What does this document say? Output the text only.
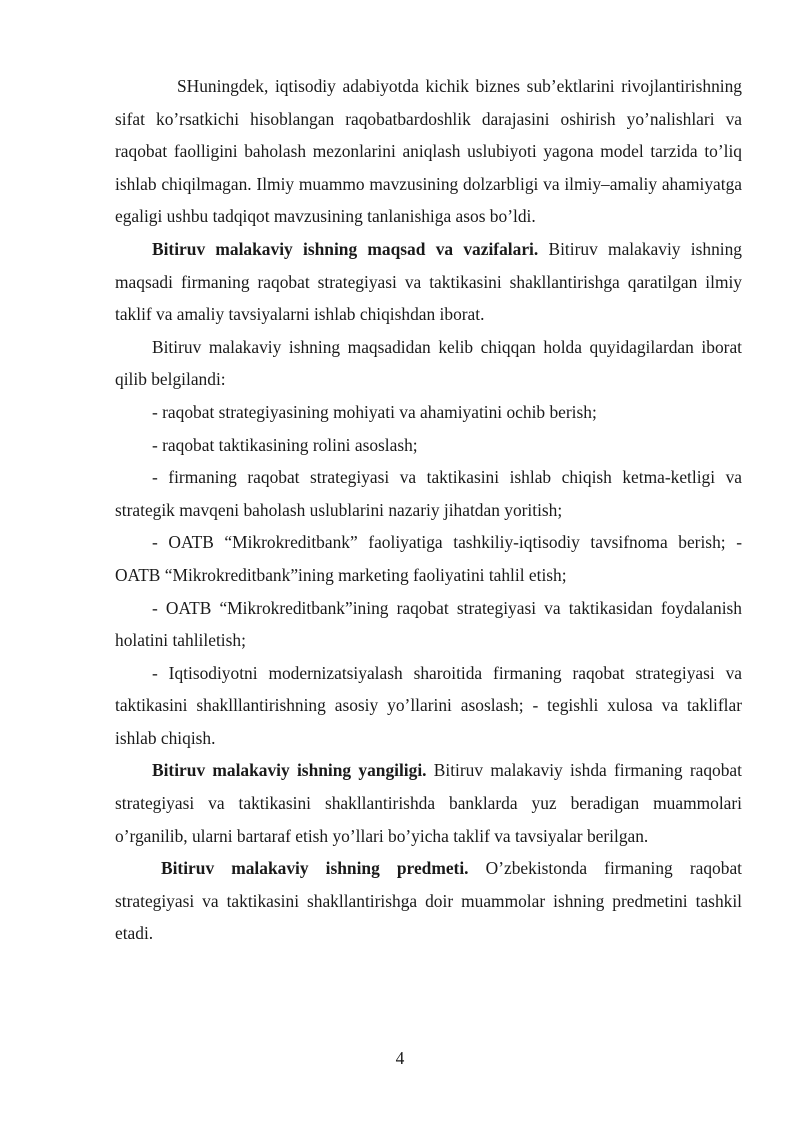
SHuningdek, iqtisodiy adabiyotda kichik biznes sub’ektlarini rivojlantirishning sifat ko’rsatkichi hisoblangan raqobatbardoshlik darajasini oshirish yo’nalishlari va raqobat faolligini baholash mezonlarini aniqlash uslubiyoti yagona model tarzida to’liq ishlab chiqilmagan. Ilmiy muammo mavzusining dolzarbligi va ilmiy–amaliy ahamiyatga egaligi ushbu tadqiqot mavzusining tanlanishiga asos bo’ldi.

Bitiruv malakaviy ishning maqsad va vazifalari. Bitiruv malakaviy ishning maqsadi firmaning raqobat strategiyasi va taktikasini shakllantirishga qaratilgan ilmiy taklif va amaliy tavsiyalarni ishlab chiqishdan iborat.

Bitiruv malakaviy ishning maqsadidan kelib chiqqan holda quyidagilardan iborat qilib belgilandi:

- raqobat strategiyasining mohiyati va ahamiyatini ochib berish;

- raqobat taktikasining rolini asoslash;

- firmaning raqobat strategiyasi va taktikasini ishlab chiqish ketma-ketligi va strategik mavqeni baholash uslublarini nazariy jihatdan yoritish;

- OATB “Mikrokreditbank” faoliyatiga tashkiliy-iqtisodiy tavsifnoma berish; - OATB “Mikrokreditbank”ining marketing faoliyatini tahlil etish;

- OATB “Mikrokreditbank”ining raqobat strategiyasi va taktikasidan foydalanish holatini tahliletish;

- Iqtisodiyotni modernizatsiyalash sharoitida firmaning raqobat strategiyasi va taktikasini shaklllantirishning asosiy yo’llarini asoslash; - tegishli xulosa va takliflar ishlab chiqish.

Bitiruv malakaviy ishning yangiligi. Bitiruv malakaviy ishda firmaning raqobat strategiyasi va taktikasini shakllantirishda banklarda yuz beradigan muammolari o’rganilib, ularni bartaraf etish yo’llari bo’yicha taklif va tavsiyalar berilgan.

Bitiruv malakaviy ishning predmeti. O’zbekistonda firmaning raqobat strategiyasi va taktikasini shakllantirishga doir muammolar ishning predmetini tashkil etadi.

4
